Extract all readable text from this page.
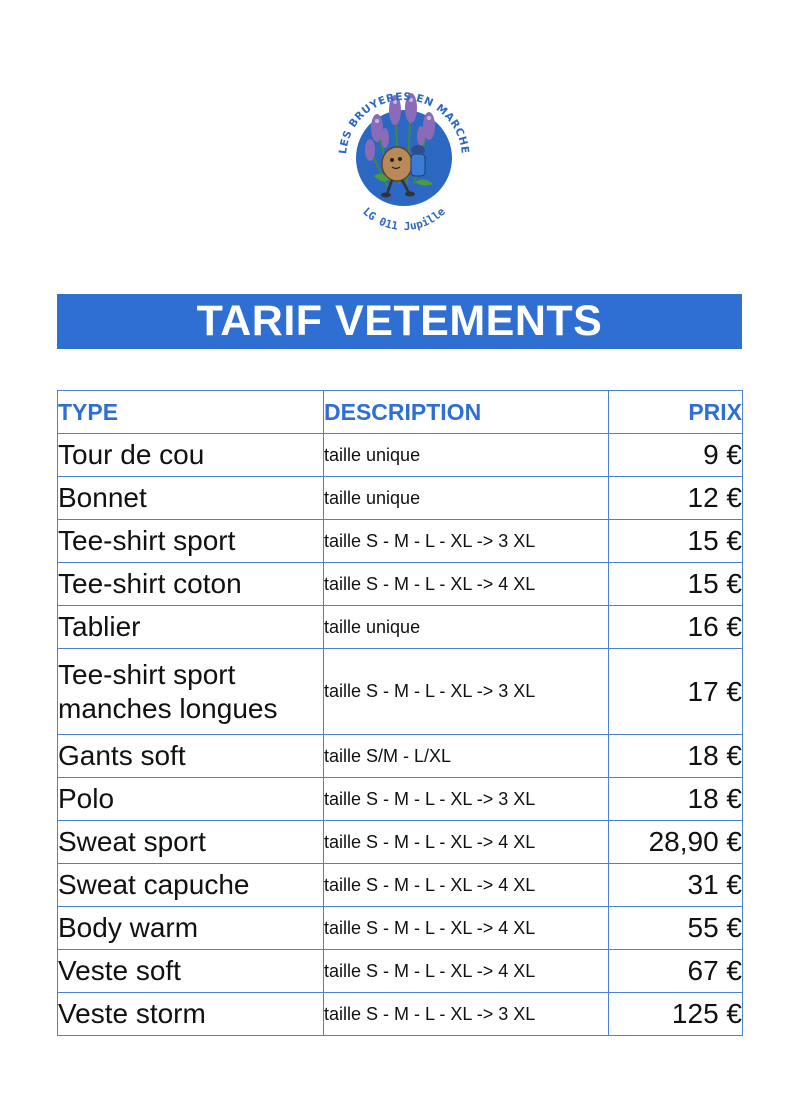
LES BRUYERES EN MARCHE
LG 011 Jupille
TARIF VETEMENTS
TYPE	DESCRIPTION	PRIX

Tour de cou	taille unique	9 €

Bonnet	taille unique	12 €

Tee-shirt sport	taille S - M - L - XL -> 3 XL	15 €

Tee-shirt coton	taille S - M - L - XL -> 4 XL	15 €

Tablier	taille unique	16 €

Tee-shirt sport
manches longues	taille S - M - L - XL -> 3 XL	17 €

Gants soft	taille S/M - L/XL	18 €

Polo	taille S - M - L - XL -> 3 XL	18 €

Sweat sport	taille S - M - L - XL -> 4 XL	28,90 €

Sweat capuche	taille S - M - L - XL -> 4 XL	31 €

Body warm	taille S - M - L - XL -> 4 XL	55 €

Veste soft	taille S - M - L - XL -> 4 XL	67 €

Veste storm	taille S - M - L - XL -> 3 XL	125 €
